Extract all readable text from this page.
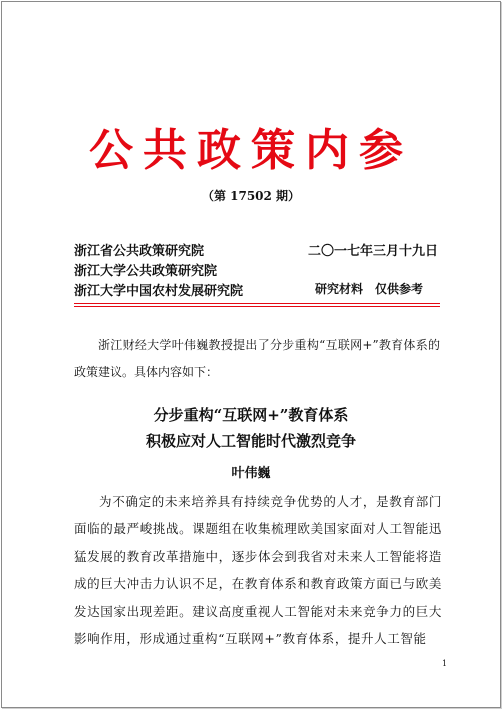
公共政策内参
（第 17502 期）
浙江省公共政策研究院
浙江大学公共政策研究院
浙江大学中国农村发展研究院
二〇一七年三月十九日
研究材料　仅供参考
浙江财经大学叶伟巍教授提出了分步重构“互联网+”教育体系的政策建议。具体内容如下：
分步重构“互联网+”教育体系
积极应对人工智能时代激烈竞争
叶伟巍
为不确定的未来培养具有持续竞争优势的人才，是教育部门面临的最严峻挑战。课题组在收集梳理欧美国家面对人工智能迅猛发展的教育改革措施中，逐步体会到我省对未来人工智能将造成的巨大冲击力认识不足，在教育体系和教育政策方面已与欧美发达国家出现差距。建议高度重视人工智能对未来竞争力的巨大影响作用，形成通过重构“互联网+”教育体系，提升人工智能
1
